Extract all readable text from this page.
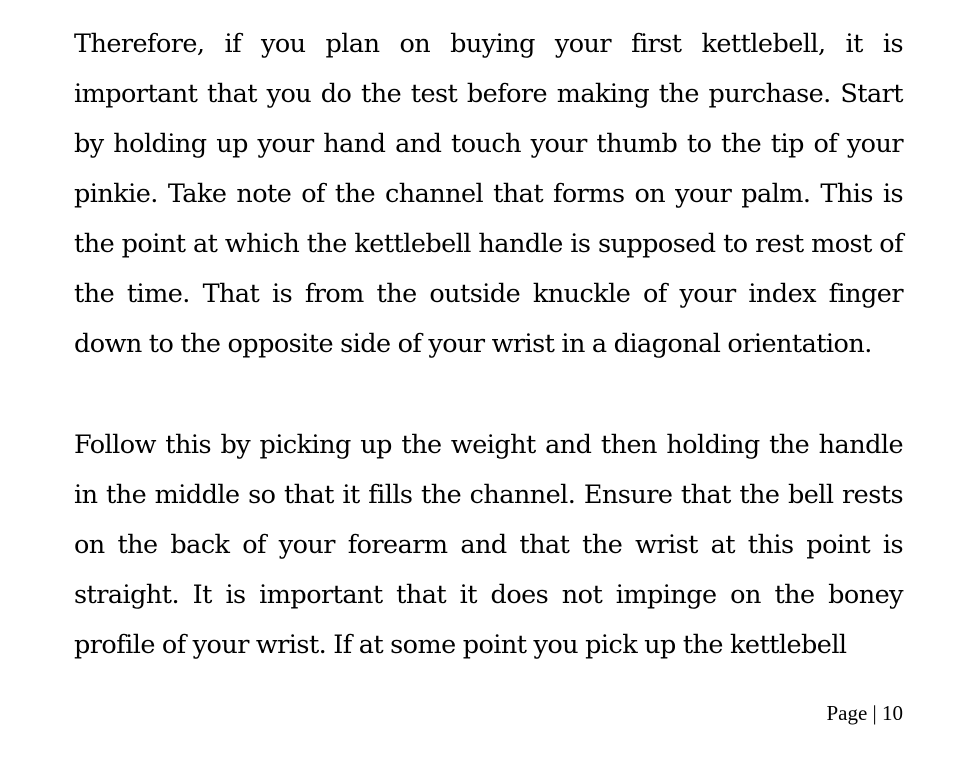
Therefore, if you plan on buying your first kettlebell, it is important that you do the test before making the purchase. Start by holding up your hand and touch your thumb to the tip of your pinkie. Take note of the channel that forms on your palm. This is the point at which the kettlebell handle is supposed to rest most of the time. That is from the outside knuckle of your index finger down to the opposite side of your wrist in a diagonal orientation.

Follow this by picking up the weight and then holding the handle in the middle so that it fills the channel. Ensure that the bell rests on the back of your forearm and that the wrist at this point is straight. It is important that it does not impinge on the boney profile of your wrist. If at some point you pick up the kettlebell

Page | 10
